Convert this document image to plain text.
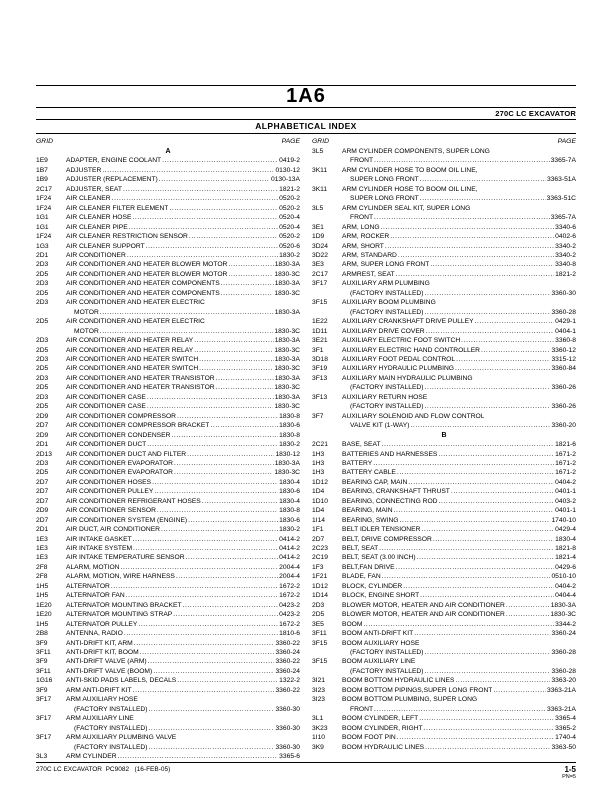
1A6
270C LC EXCAVATOR
ALPHABETICAL INDEX
GRID	PAGE
A
1E9	ADAPTER, ENGINE COOLANT .....	0419-2
1B7	ADJUSTER .....	0130-12
1B9	ADJUSTER (REPLACEMENT) .....	0130-13A
2C17	ADJUSTER, SEAT .....	1821-2
1F24	AIR CLEANER .....	0520-2
1F24	AIR CLEANER FILTER ELEMENT .....	0520-2
1G1	AIR CLEANER HOSE .....	0520-4
1G1	AIR CLEANER PIPE .....	0520-4
1F24	AIR CLEANER RESTRICTION SENSOR .....	0520-2
1G3	AIR CLEANER SUPPORT .....	0520-6
2D1	AIR CONDITIONER .....	1830-2
2D3	AIR CONDITIONER AND HEATER BLOWER MOTOR .....	1830-3A
2D5	AIR CONDITIONER AND HEATER BLOWER MOTOR .....	1830-3C
2D3	AIR CONDITIONER AND HEATER COMPONENTS .....	1830-3A
2D5	AIR CONDITIONER AND HEATER COMPONENTS .....	1830-3C
2D3	AIR CONDITIONER AND HEATER ELECTRIC
MOTOR .....	1830-3A
2D5	AIR CONDITIONER AND HEATER ELECTRIC
MOTOR .....	1830-3C
2D3	AIR CONDITIONER AND HEATER RELAY .....	1830-3A
2D5	AIR CONDITIONER AND HEATER RELAY .....	1830-3C
2D3	AIR CONDITIONER AND HEATER SWITCH .....	1830-3A
2D5	AIR CONDITIONER AND HEATER SWITCH .....	1830-3C
2D3	AIR CONDITIONER AND HEATER TRANSISTOR .....	1830-3A
2D5	AIR CONDITIONER AND HEATER TRANSISTOR .....	1830-3C
2D3	AIR CONDITIONER CASE .....	1830-3A
2D5	AIR CONDITIONER CASE .....	1830-3C
2D9	AIR CONDITIONER COMPRESSOR .....	1830-8
2D7	AIR CONDITIONER COMPRESSOR BRACKET .....	1830-6
2D9	AIR CONDITIONER CONDENSER .....	1830-8
2D1	AIR CONDITIONER DUCT .....	1830-2
2D13	AIR CONDITIONER DUCT AND FILTER .....	1830-12
2D3	AIR CONDITIONER EVAPORATOR .....	1830-3A
2D5	AIR CONDITIONER EVAPORATOR .....	1830-3C
2D7	AIR CONDITIONER HOSES .....	1830-4
2D7	AIR CONDITIONER PULLEY .....	1830-6
2D7	AIR CONDITIONER REFRIGERANT HOSES .....	1830-4
2D9	AIR CONDITIONER SENSOR .....	1830-8
2D7	AIR CONDITIONER SYSTEM (ENGINE) .....	1830-6
2D1	AIR DUCT, AIR CONDITIONER .....	1830-2
1E3	AIR INTAKE GASKET .....	0414-2
1E3	AIR INTAKE SYSTEM .....	0414-2
1E3	AIR INTAKE TEMPERATURE SENSOR .....	0414-2
2F8	ALARM, MOTION .....	2004-4
2F8	ALARM, MOTION, WIRE HARNESS .....	2004-4
1H5	ALTERNATOR .....	1672-2
1H5	ALTERNATOR FAN .....	1672-2
1E20	ALTERNATOR MOUNTING BRACKET .....	0423-2
1E20	ALTERNATOR MOUNTING STRAP .....	0423-2
1H5	ALTERNATOR PULLEY .....	1672-2
2B8	ANTENNA, RADIO .....	1810-6
3F9	ANTI-DRIFT KIT, ARM .....	3360-22
3F11	ANTI-DRIFT KIT, BOOM .....	3360-24
3F9	ANTI-DRIFT VALVE (ARM) .....	3360-22
3F11	ANTI-DRIFT VALVE (BOOM) .....	3360-24
1G16	ANTI-SKID PADS LABELS, DECALS .....	1322-2
3F9	ARM ANTI-DRIFT KIT .....	3360-22
3F17	ARM AUXILIARY HOSE
(FACTORY INSTALLED) .....	3360-30
3F17	ARM AUXILIARY LINE
(FACTORY INSTALLED) .....	3360-30
3F17	ARM AUXILIARY PLUMBING VALVE
(FACTORY INSTALLED) .....	3360-30
3L3	ARM CYLINDER .....	3365-6
GRID	PAGE
3L5	ARM CYLINDER COMPONENTS, SUPER LONG
FRONT .....	3365-7A
3K11	ARM CYLINDER HOSE TO BOOM OIL LINE,
SUPER LONG FRONT .....	3363-51A
3K11	ARM CYLINDER HOSE TO BOOM OIL LINE,
SUPER LONG FRONT .....	3363-51C
3L5	ARM CYLINDER SEAL KIT, SUPER LONG
FRONT .....	3365-7A
3E1	ARM, LONG .....	3340-6
1D9	ARM, ROCKER .....	0402-6
3D24	ARM, SHORT .....	3340-2
3D22	ARM, STANDARD .....	3340-2
3E3	ARM, SUPER LONG FRONT .....	3340-8
2C17	ARMREST, SEAT .....	1821-2
3F17	AUXILIARY ARM PLUMBING
(FACTORY INSTALLED) .....	3360-30
3F15	AUXILIARY BOOM PLUMBING
(FACTORY INSTALLED) .....	3360-28
1E22	AUXILIARY CRANKSHAFT DRIVE PULLEY .....	0429-1
1D11	AUXILIARY DRIVE COVER .....	0404-1
3E21	AUXILIARY ELECTRIC FOOT SWITCH .....	3360-8
3F1	AUXILIARY ELECTRIC HAND CONTROLLER .....	3360-12
3D18	AUXILIARY FOOT PEDAL CONTROL .....	3315-12
3F19	AUXILIARY HYDRAULIC PLUMBING .....	3360-84
3F13	AUXILIARY MAIN HYDRAULIC PLUMBING
(FACTORY INSTALLED) .....	3360-26
3F13	AUXILIARY RETURN HOSE
(FACTORY INSTALLED) .....	3360-26
3F7	AUXILIARY SOLENOID AND FLOW CONTROL
VALVE KIT (1-WAY) .....	3360-20
B
2C21	BASE, SEAT .....	1821-6
1H3	BATTERIES AND HARNESSES .....	1671-2
1H3	BATTERY .....	1671-2
1H3	BATTERY CABLE .....	1671-2
1D12	BEARING CAP, MAIN .....	0404-2
1D4	BEARING, CRANKSHAFT THRUST .....	0401-1
1D10	BEARING, CONNECTING ROD .....	0403-2
1D4	BEARING, MAIN .....	0401-1
1I14	BEARING, SWING .....	1740-10
1F1	BELT IDLER TENSIONER .....	0429-4
2D7	BELT, DRIVE COMPRESSOR .....	1830-4
2C23	BELT, SEAT .....	1821-8
2C19	BELT, SEAT (3.00 INCH) .....	1821-4
1F3	BELT,FAN DRIVE .....	0429-6
1F21	BLADE, FAN .....	0510-10
1D12	BLOCK, CYLINDER .....	0404-2
1D14	BLOCK, ENGINE SHORT .....	0404-4
2D3	BLOWER MOTOR, HEATER AND AIR CONDITIONER .....	1830-3A
2D5	BLOWER MOTOR, HEATER AND AIR CONDITIONER .....	1830-3C
3E5	BOOM .....	3344-2
3F11	BOOM ANTI-DRIFT KIT .....	3360-24
3F15	BOOM AUXILIARY HOSE
(FACTORY INSTALLED) .....	3360-28
3F15	BOOM AUXILIARY LINE
(FACTORY INSTALLED) .....	3360-28
3I21	BOOM BOTTOM HYDRAULIC LINES .....	3363-20
3I23	BOOM BOTTOM PIPINGS,SUPER LONG FRONT .....	3363-21A
3I23	BOOM BOTTOM PLUMBING, SUPER LONG
FRONT .....	3363-21A
3L1	BOOM CYLINDER, LEFT .....	3365-4
3K23	BOOM CYLINDER, RIGHT .....	3365-2
1I10	BOOM FOOT PIN .....	1740-4
3K9	BOOM HYDRAULIC LINES .....	3363-50
270C LC EXCAVATOR  PC9082   (16-FEB-05)	1-5
PN=5
